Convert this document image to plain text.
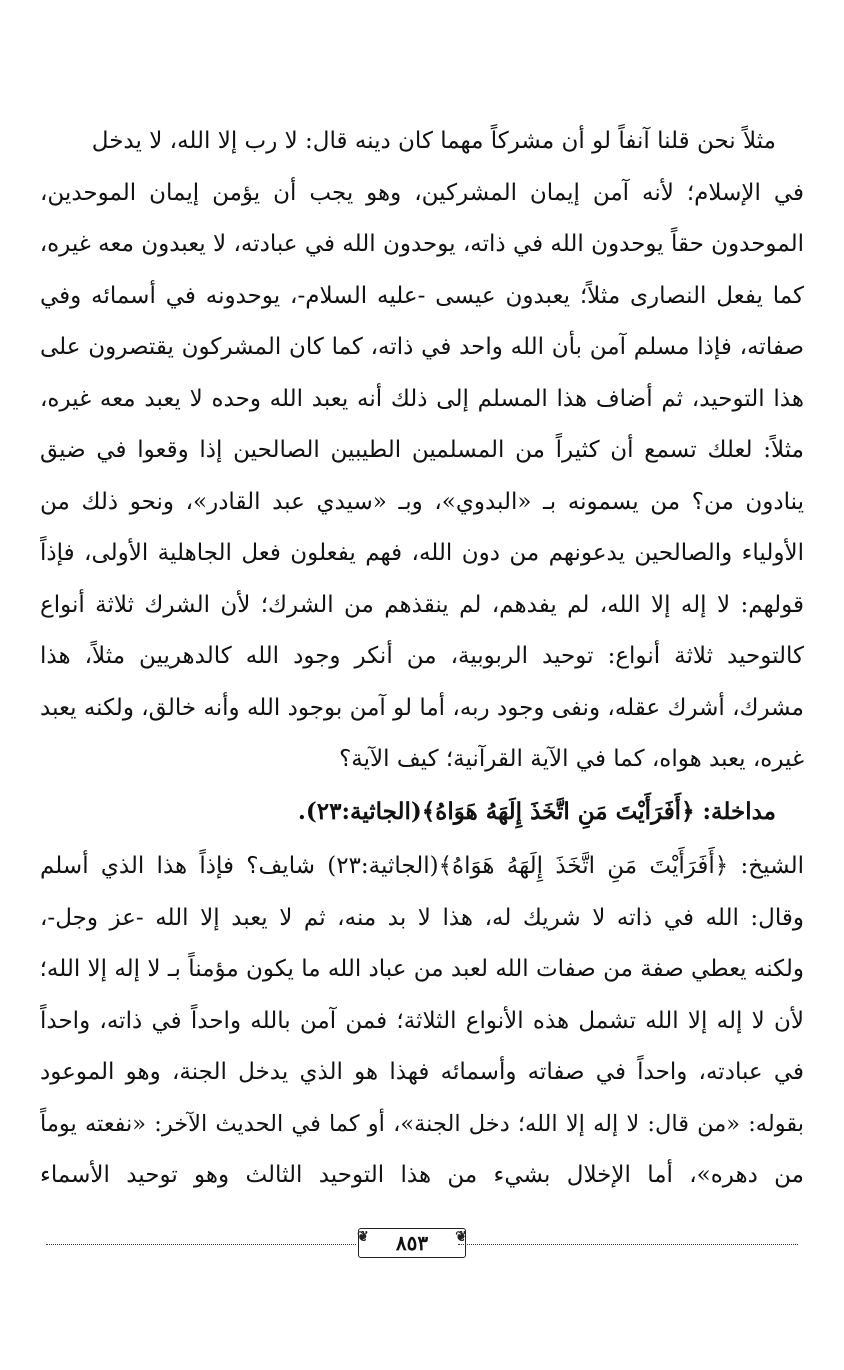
مثلاً نحن قلنا آنفاً لو أن مشركاً مهما كان دينه قال: لا رب إلا الله، لا يدخل
في الإسلام؛ لأنه آمن إيمان المشركين، وهو يجب أن يؤمن إيمان الموحدين،
الموحدون حقاً يوحدون الله في ذاته، يوحدون الله في عبادته، لا يعبدون معه غيره،
كما يفعل النصارى مثلاً؛ يعبدون عيسى -عليه السلام-، يوحدونه في أسمائه وفي
صفاته، فإذا مسلم آمن بأن الله واحد في ذاته، كما كان المشركون يقتصرون على
هذا التوحيد، ثم أضاف هذا المسلم إلى ذلك أنه يعبد الله وحده لا يعبد معه غيره،
مثلاً: لعلك تسمع أن كثيراً من المسلمين الطيبين الصالحين إذا وقعوا في ضيق
ينادون من؟ من يسمونه بـ «البدوي»، وبـ «سيدي عبد القادر»، ونحو ذلك من
الأولياء والصالحين يدعونهم من دون الله، فهم يفعلون فعل الجاهلية الأولى، فإذاً
قولهم: لا إله إلا الله، لم يفدهم، لم ينقذهم من الشرك؛ لأن الشرك ثلاثة أنواع
كالتوحيد ثلاثة أنواع: توحيد الربوبية، من أنكر وجود الله كالدهريين مثلاً، هذا
مشرك، أشرك عقله، ونفى وجود ربه، أما لو آمن بوجود الله وأنه خالق، ولكنه يعبد
غيره، يعبد هواه، كما في الآية القرآنية؛ كيف الآية؟
مداخلة: ﴿أَفَرَأَيْتَ مَنِ اتَّخَذَ إِلَهَهُ هَوَاهُ﴾(الجاثية:٢٣).
الشيخ: ﴿أَفَرَأَيْتَ مَنِ اتَّخَذَ إِلَهَهُ هَوَاهُ﴾(الجاثية:٢٣) شايف؟ فإذاً هذا الذي أسلم
وقال: الله في ذاته لا شريك له، هذا لا بد منه، ثم لا يعبد إلا الله -عز وجل-،
ولكنه يعطي صفة من صفات الله لعبد من عباد الله ما يكون مؤمناً بـ لا إله إلا الله؛
لأن لا إله إلا الله تشمل هذه الأنواع الثلاثة؛ فمن آمن بالله واحداً في ذاته، واحداً
في عبادته، واحداً في صفاته وأسمائه فهذا هو الذي يدخل الجنة، وهو الموعود
بقوله: «من قال: لا إله إلا الله؛ دخل الجنة»، أو كما في الحديث الآخر: «نفعته يوماً
من دهره»، أما الإخلال بشيء من هذا التوحيد الثالث وهو توحيد الأسماء
❦
٨٥٣
❦
